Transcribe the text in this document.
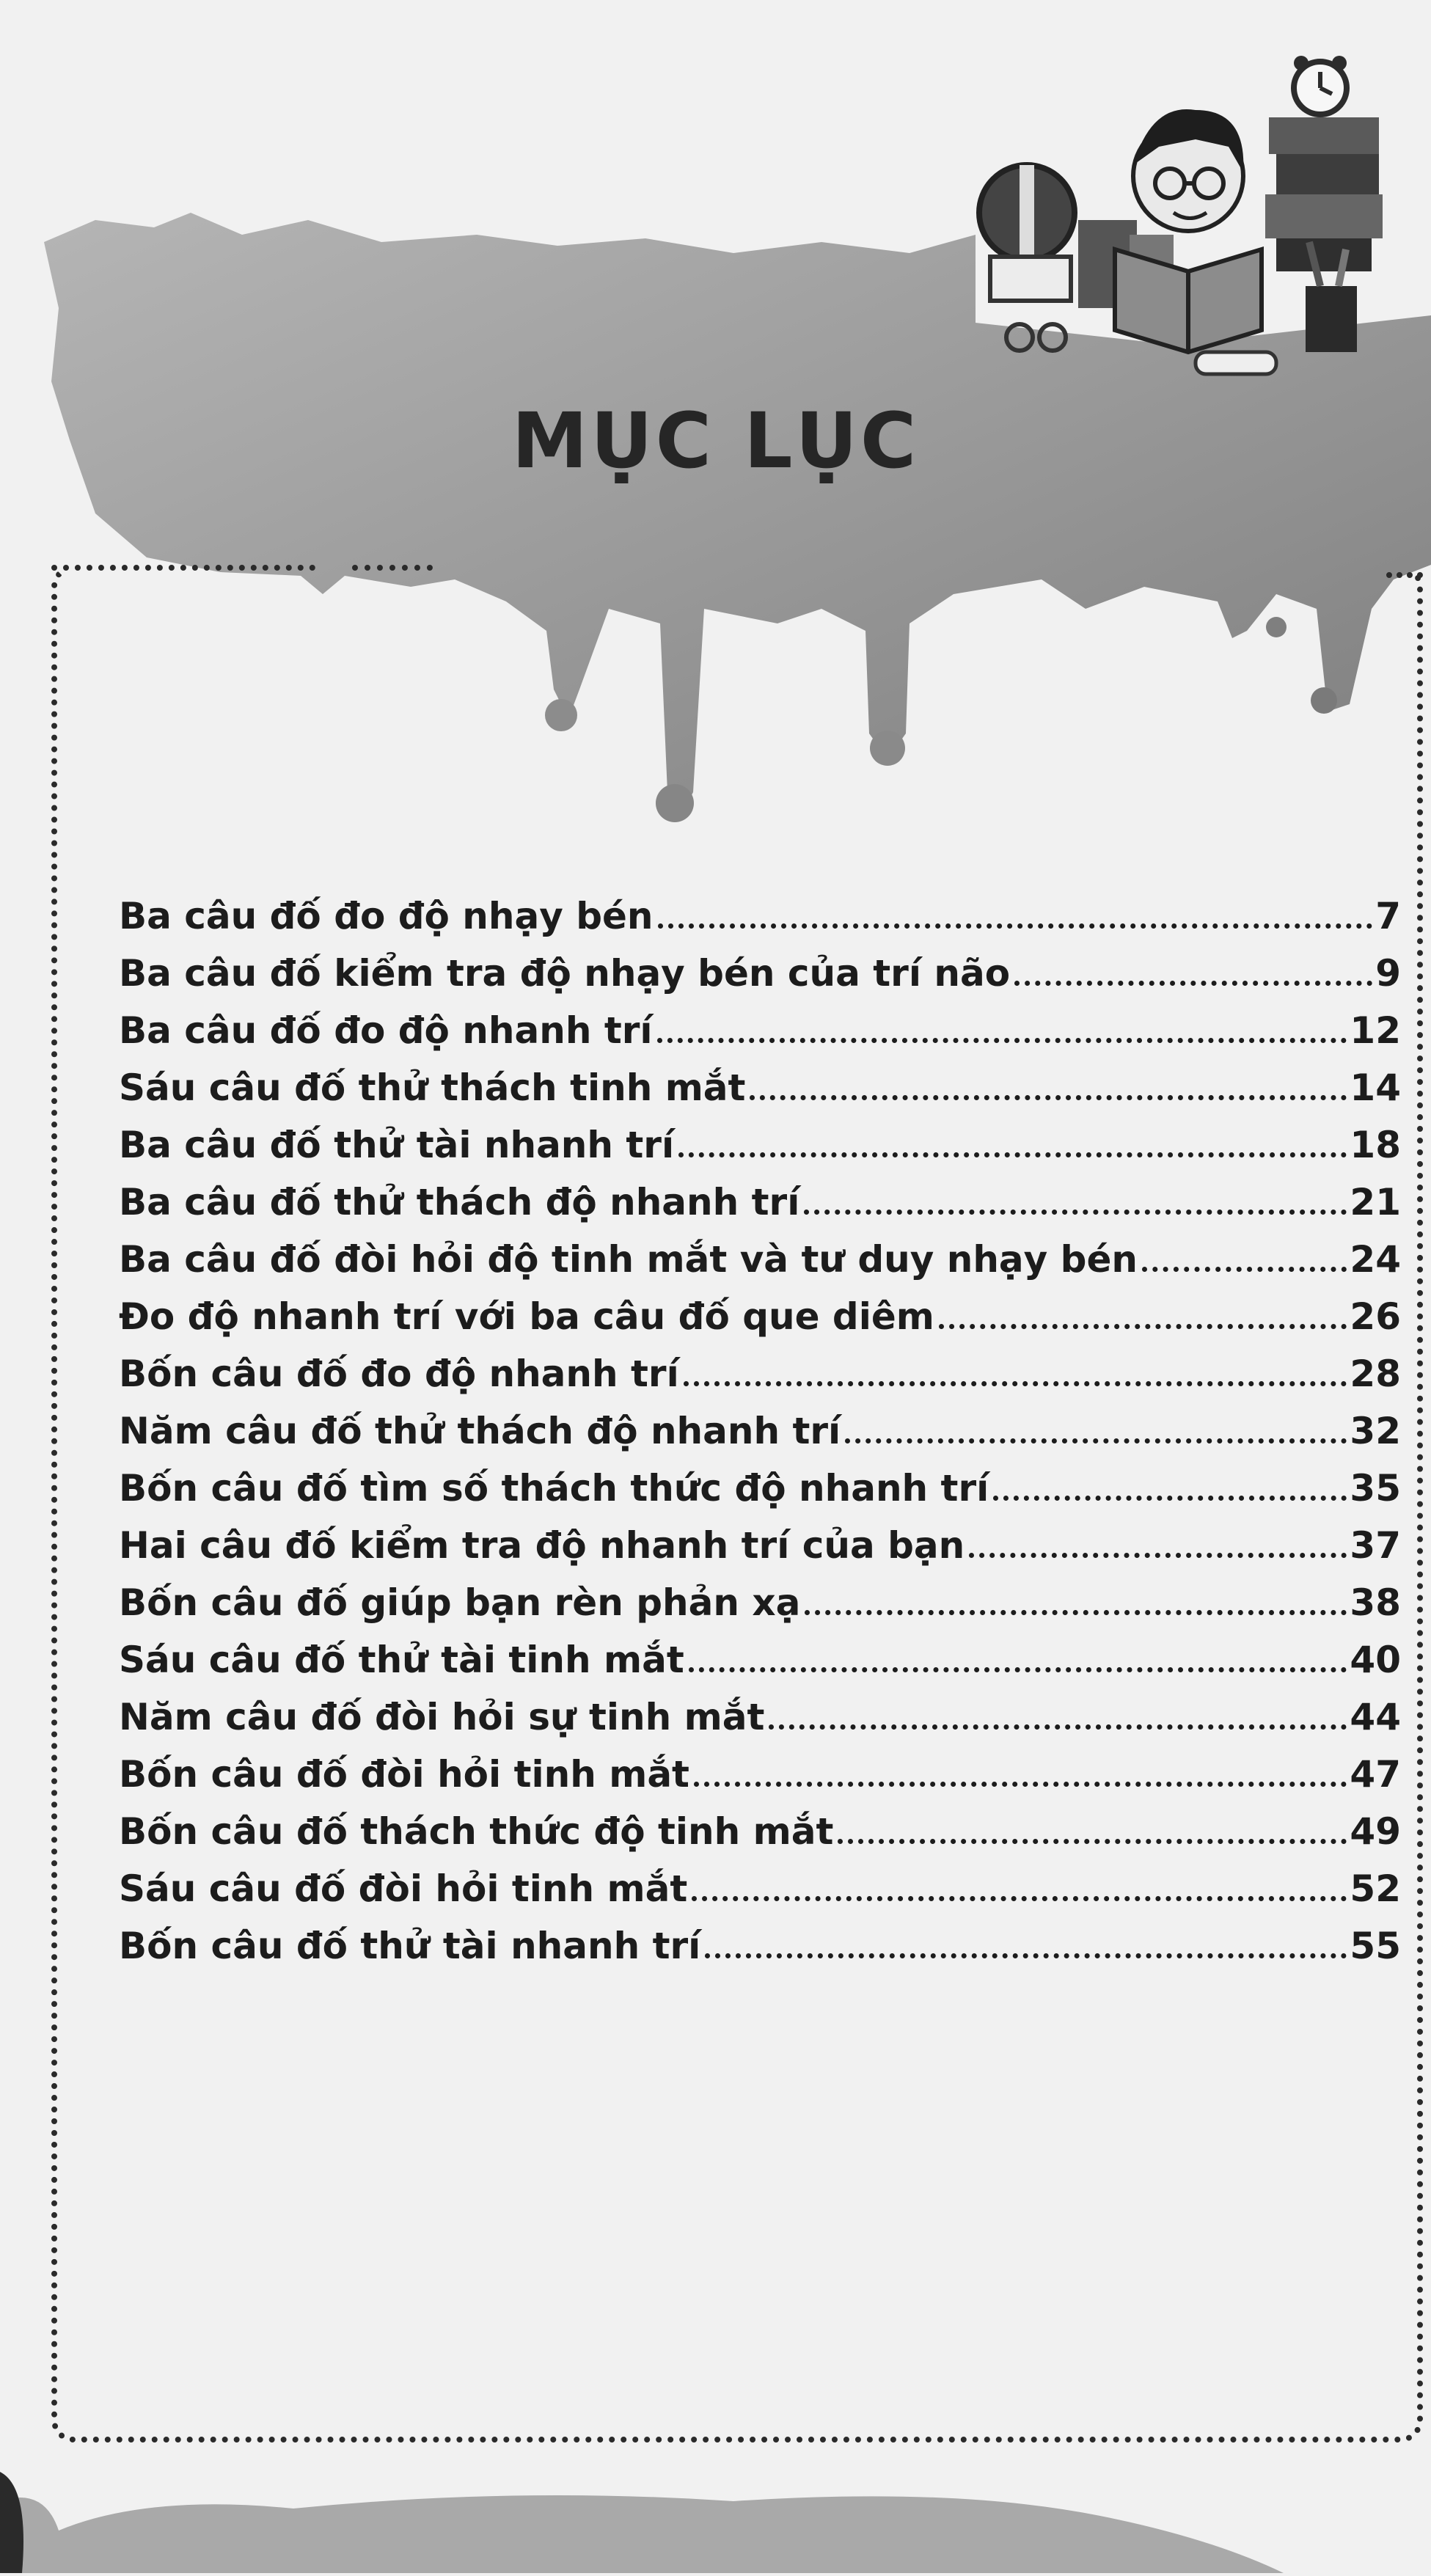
MỤC LỤC
Ba câu đố đo độ nhạy bén	7
Ba câu đố kiểm tra độ nhạy bén của trí não	9
Ba câu đố đo độ nhanh trí	12
Sáu câu đố thử thách tinh mắt	14
Ba câu đố thử tài nhanh trí	18
Ba câu đố thử thách độ nhanh trí	21
Ba câu đố đòi hỏi độ tinh mắt và tư duy nhạy bén	24
Đo độ nhanh trí với ba câu đố que diêm	26
Bốn câu đố đo độ nhanh trí	28
Năm câu đố thử thách độ nhanh trí	32
Bốn câu đố tìm số thách thức độ nhanh trí	35
Hai câu đố kiểm tra độ nhanh trí của bạn	37
Bốn câu đố giúp bạn rèn phản xạ	38
Sáu câu đố thử tài tinh mắt	40
Năm câu đố đòi hỏi sự tinh mắt	44
Bốn câu đố đòi hỏi tinh mắt	47
Bốn câu đố thách thức độ tinh mắt	49
Sáu câu đố đòi hỏi tinh mắt	52
Bốn câu đố thử tài nhanh trí	55
